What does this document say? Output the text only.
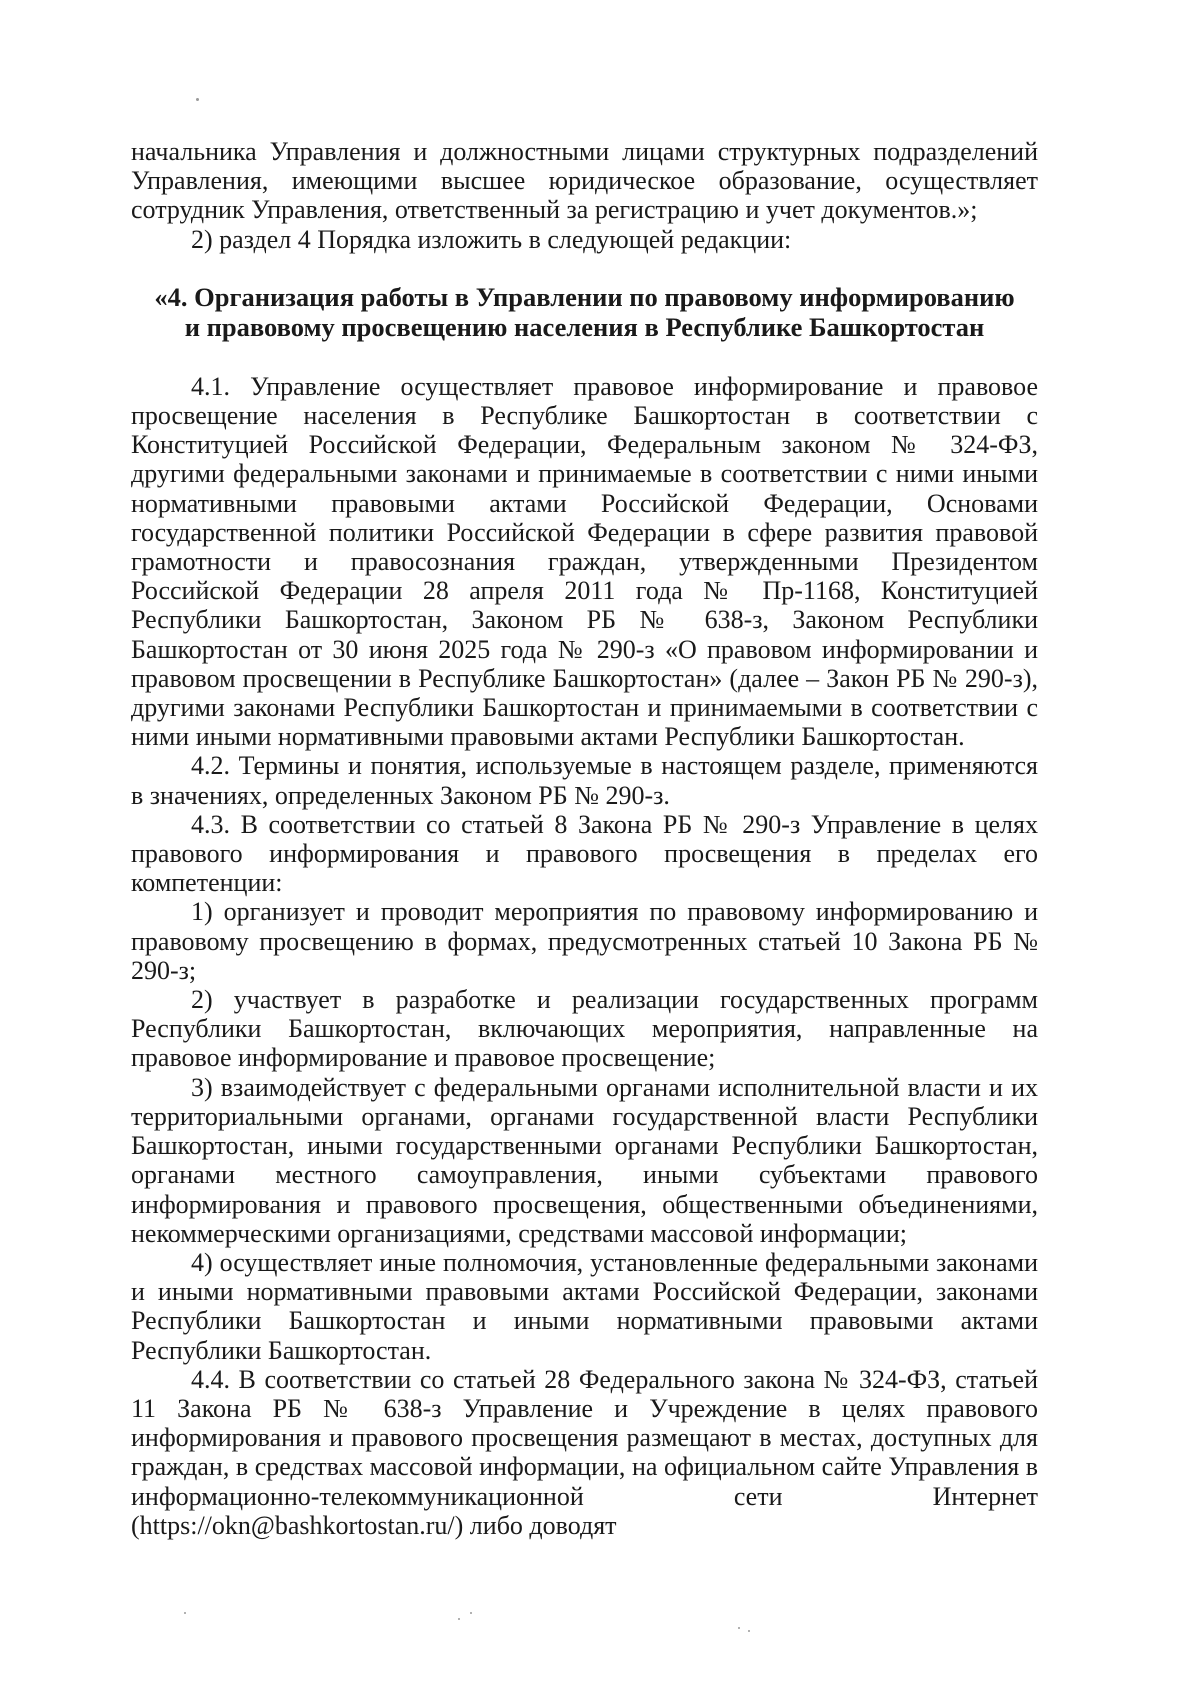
начальника Управления и должностными лицами структурных подразделений Управления, имеющими высшее юридическое образование, осуществляет сотрудник Управления, ответственный за регистрацию и учет документов.»;

2) раздел 4 Порядка изложить в следующей редакции:

«4. Организация работы в Управлении по правовому информированию
и правовому просвещению населения в Республике Башкортостан

4.1. Управление осуществляет правовое информирование и правовое просвещение населения в Республике Башкортостан в соответствии с Конституцией Российской Федерации, Федеральным законом № 324-ФЗ, другими федеральными законами и принимаемые в соответствии с ними иными нормативными правовыми актами Российской Федерации, Основами государственной политики Российской Федерации в сфере развития правовой грамотности и правосознания граждан, утвержденными Президентом Российской Федерации 28 апреля 2011 года № Пр-1168, Конституцией Республики Башкортостан, Законом РБ № 638-з, Законом Республики Башкортостан от 30 июня 2025 года № 290-з «О правовом информировании и правовом просвещении в Республике Башкортостан» (далее – Закон РБ № 290-з), другими законами Республики Башкортостан и принимаемыми в соответствии с ними иными нормативными правовыми актами Республики Башкортостан.

4.2. Термины и понятия, используемые в настоящем разделе, применяются в значениях, определенных Законом РБ № 290-з.

4.3. В соответствии со статьей 8 Закона РБ № 290-з Управление в целях правового информирования и правового просвещения в пределах его компетенции:

1) организует и проводит мероприятия по правовому информированию и правовому просвещению в формах, предусмотренных статьей 10 Закона РБ № 290-з;

2) участвует в разработке и реализации государственных программ Республики Башкортостан, включающих мероприятия, направленные на правовое информирование и правовое просвещение;

3) взаимодействует с федеральными органами исполнительной власти и их территориальными органами, органами государственной власти Республики Башкортостан, иными государственными органами Республики Башкортостан, органами местного самоуправления, иными субъектами правового информирования и правового просвещения, общественными объединениями, некоммерческими организациями, средствами массовой информации;

4) осуществляет иные полномочия, установленные федеральными законами и иными нормативными правовыми актами Российской Федерации, законами Республики Башкортостан и иными нормативными правовыми актами Республики Башкортостан.

4.4. В соответствии со статьей 28 Федерального закона № 324-ФЗ, статьей 11 Закона РБ № 638-з Управление и Учреждение в целях правового информирования и правового просвещения размещают в местах, доступных для граждан, в средствах массовой информации, на официальном сайте Управления в информационно-телекоммуникационной сети Интернет (https://okn@bashkortostan.ru/) либо доводят
